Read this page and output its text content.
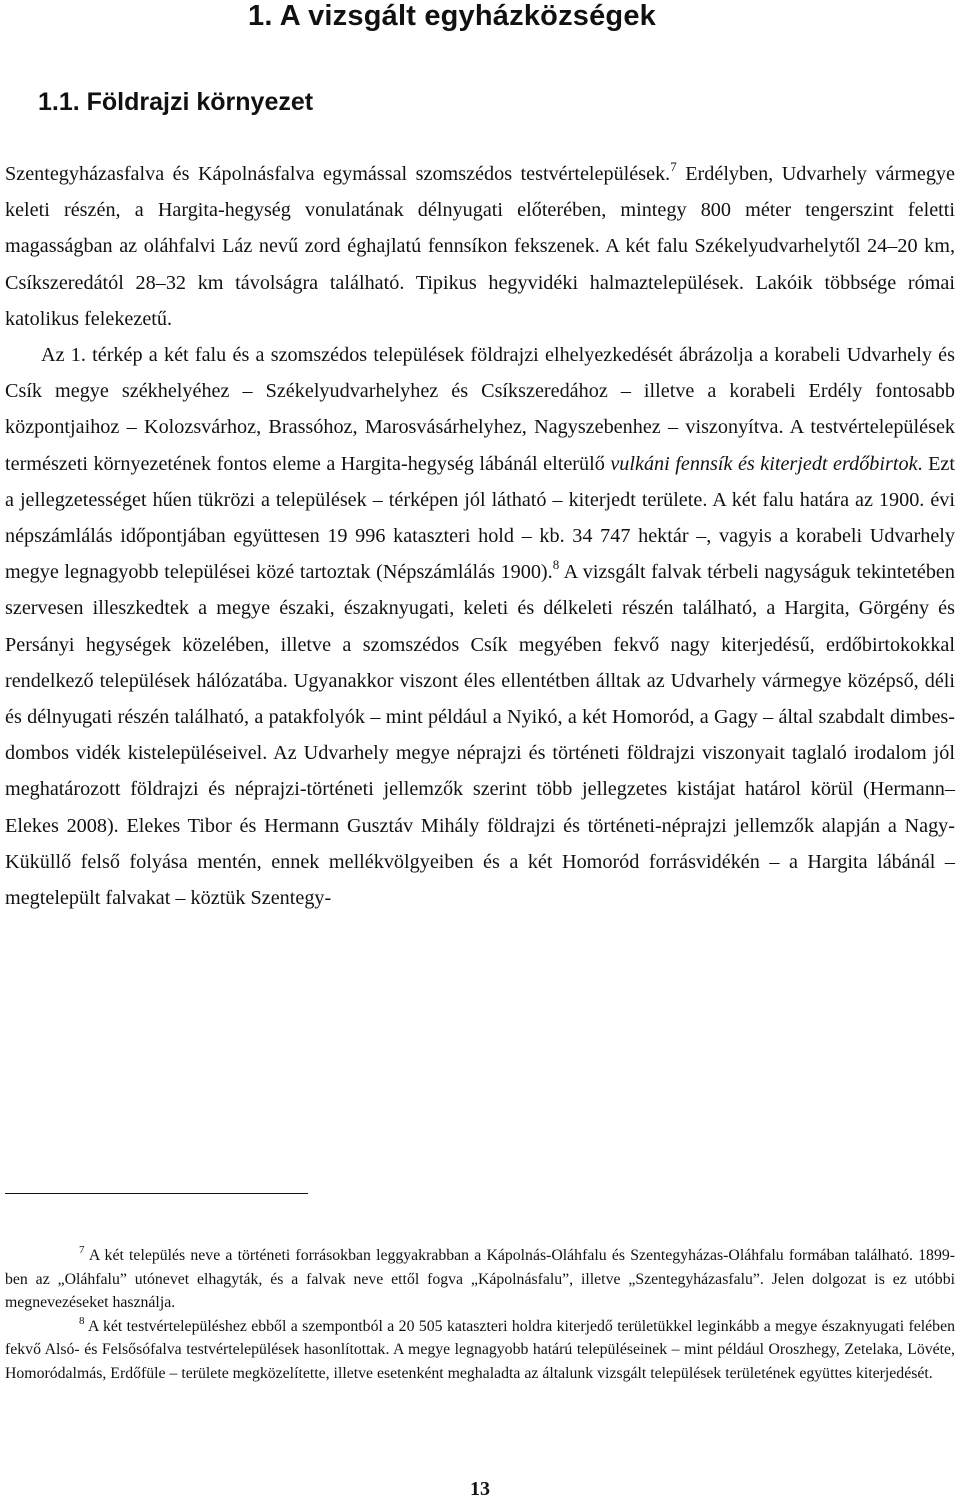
1. A vizsgált egyházközségek
1.1. Földrajzi környezet

Szentegyházasfalva és Kápolnásfalva egymással szomszédos testvértelepülések.$^7$ Erdélyben, Udvarhely vármegye keleti részén, a Hargita-hegység vonulatának délnyugati előterében, mintegy 800 méter tengerszint feletti magasságban az oláhfalvi Láz nevű zord éghajlatú fennsíkon fekszenek. A két falu Székelyudvarhelytől 24–20 km, Csíkszeredától 28–32 km távolságra található. Tipikus hegyvidéki halmaztelepülések. Lakóik többsége római katolikus felekezetű.

Az 1. térkép a két falu és a szomszédos települések földrajzi elhelyezkedését ábrázolja a korabeli Udvarhely és Csík megye székhelyéhez – Székelyudvarhelyhez és Csíkszeredához – illetve a korabeli Erdély fontosabb központjaihoz – Kolozsvárhoz, Brassóhoz, Marosvásárhelyhez, Nagyszebenhez – viszonyítva. A testvértelepülések természeti környezetének fontos eleme a Hargita-hegység lábánál elterülő vulkáni fennsík és kiterjedt erdőbirtok. Ezt a jellegzetességet hűen tükrözi a települések – térképen jól látható – kiterjedt területe. A két falu határa az 1900. évi népszámlálás időpontjában együttesen 19 996 kataszteri hold – kb. 34 747 hektár –, vagyis a korabeli Udvarhely megye legnagyobb települései közé tartoztak (Népszámlálás 1900).$^8$ A vizsgált falvak térbeli nagyságuk tekintetében szervesen illeszkedtek a megye északi, északnyugati, keleti és délkeleti részén található, a Hargita, Görgény és Persányi hegységek közelében, illetve a szomszédos Csík megyében fekvő nagy kiterjedésű, erdőbirtokokkal rendelkező települések hálózatába. Ugyanakkor viszont éles ellentétben álltak az Udvarhely vármegye középső, déli és délnyugati részén található, a patakfolyók – mint például a Nyikó, a két Homoród, a Gagy – által szabdalt dimbes-dombos vidék kistelepüléseivel. Az Udvarhely megye néprajzi és történeti földrajzi viszonyait taglaló irodalom jól meghatározott földrajzi és néprajzi-történeti jellemzők szerint több jellegzetes kistájat határol körül (Hermann–Elekes 2008). Elekes Tibor és Hermann Gusztáv Mihály földrajzi és történeti-néprajzi jellemzők alapján a Nagy-Küküllő felső folyása mentén, ennek mellékvölgyeiben és a két Homoród forrásvidékén – a Hargita lábánál – megtelepült falvakat – köztük Szentegy-

$^7$ A két település neve a történeti forrásokban leggyakrabban a Kápolnás-Oláhfalu és Szentegyházas-Oláhfalu formában található. 1899-ben az „Oláhfalu” utónevet elhagyták, és a falvak neve ettől fogva „Kápolnásfalu”, illetve „Szentegyházasfalu”. Jelen dolgozat is ez utóbbi megnevezéseket használja.

$^8$ A két testvértelepüléshez ebből a szempontból a 20 505 kataszteri holdra kiterjedő területükkel leginkább a megye északnyugati felében fekvő Alsó- és Felsősófalva testvértelepülések hasonlítottak. A megye legnagyobb határú településeinek – mint például Oroszhegy, Zetelaka, Lövéte, Homoródalmás, Erdőfüle – területe megközelítette, illetve esetenként meghaladta az általunk vizsgált települések területének együttes kiterjedését.

13
